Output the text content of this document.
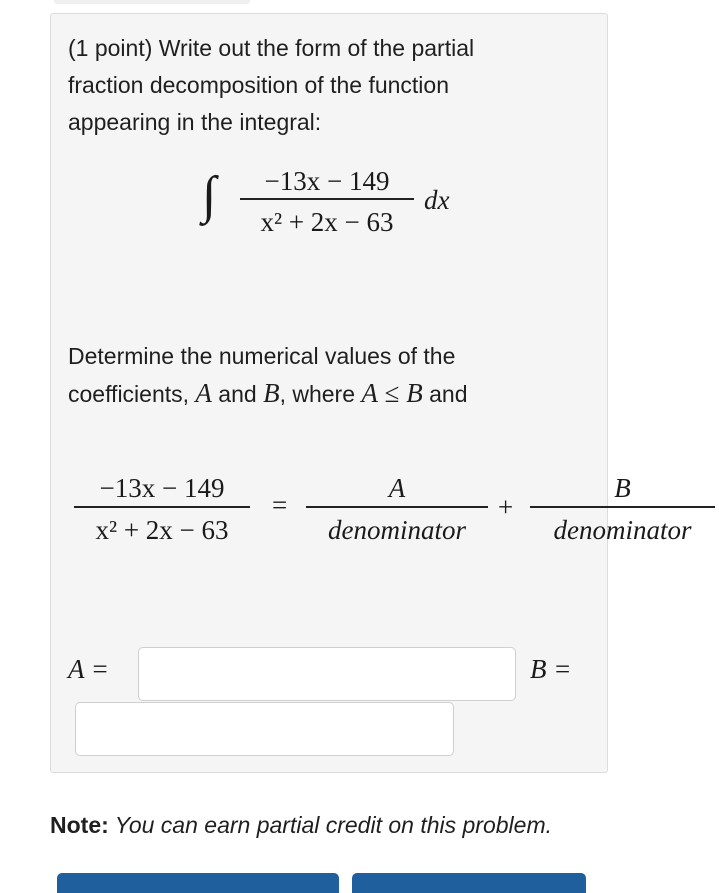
(1 point) Write out the form of the partial
fraction decomposition of the function
appearing in the integral:
∫	−13x − 149
x² + 2x − 63
dx
Determine the numerical values of the
coefficients, A and B, where A ≤ B and
−13x − 149
x² + 2x − 63
=
A
denominator
+
B
denominator
A =	B =
Note: You can earn partial credit on this problem.
